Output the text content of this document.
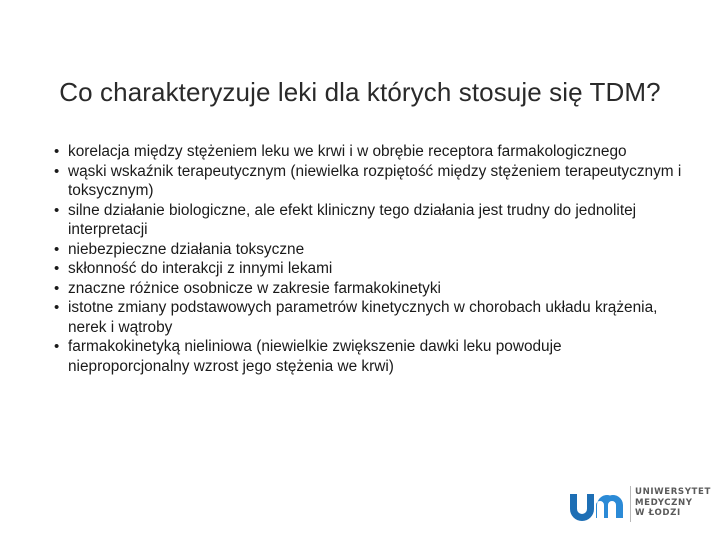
Co charakteryzuje leki dla których stosuje się TDM?
• korelacja między stężeniem leku we krwi i w obrębie receptora farmakologicznego
• wąski wskaźnik terapeutycznym (niewielka rozpiętość między stężeniem terapeutycznym i toksycznym)
• silne działanie biologiczne, ale efekt kliniczny tego działania jest trudny do jednolitej interpretacji
• niebezpieczne działania toksyczne
• skłonność do interakcji z innymi lekami
• znaczne różnice osobnicze w zakresie farmakokinetyki
• istotne zmiany podstawowych parametrów kinetycznych w chorobach układu krążenia, nerek i wątroby
• farmakokinetyką nieliniowa (niewielkie zwiększenie dawki leku powoduje nieproporcjonalny wzrost jego stężenia we krwi)
UNIWERSYTET
MEDYCZNY
W ŁODZI
